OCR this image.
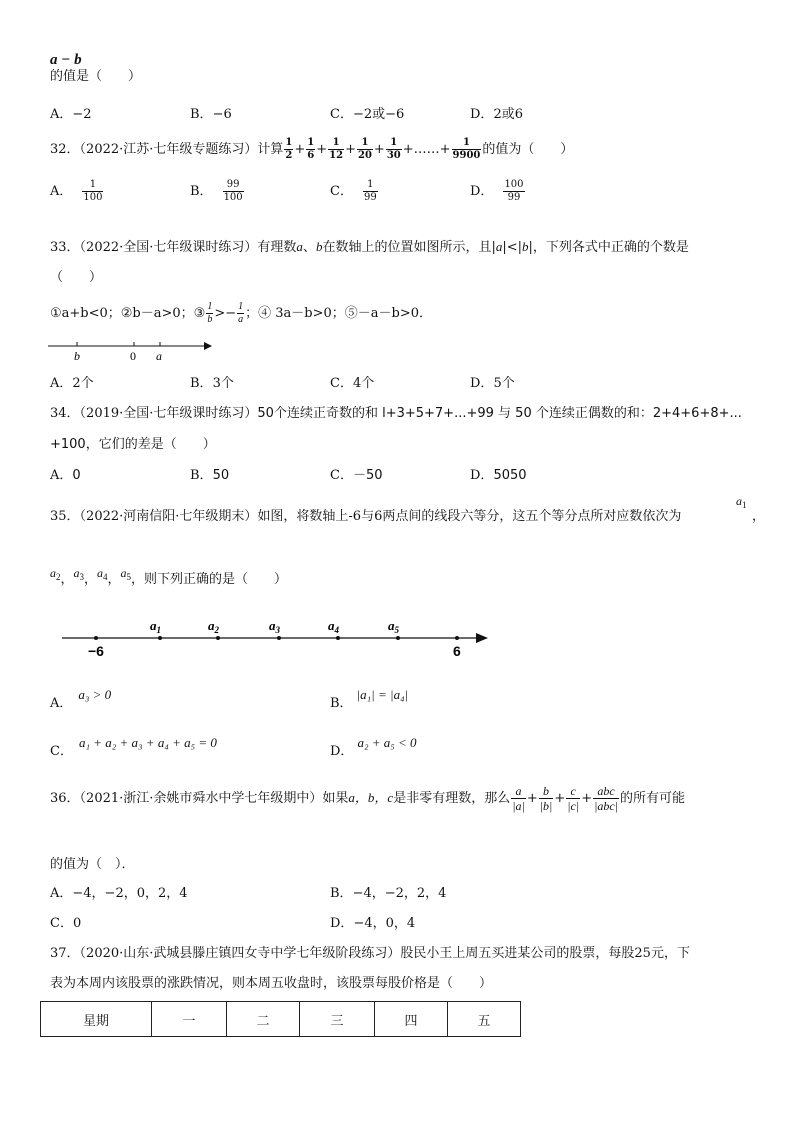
a − b
的值是（　　）
A．−2	B．−6	C．−2或−6	D．2或6
32．（2022·江苏·七年级专题练习）计算 $\frac{1}{2} + \frac{1}{6} + \frac{1}{12} + \frac{1}{20} + \frac{1}{30}$ +……+ $\frac{1}{9900}$ 的值为（　　）
A． $\frac{1}{100}$	B． $\frac{99}{100}$	C． $\frac{1}{99}$	D． $\frac{100}{99}$
33．（2022·全国·七年级课时练习）有理数a、b在数轴上的位置如图所示，且|a|<|b|，下列各式中正确的个数是
（　　）
①a+b<0；②b－a>0；③ $\frac{1}{b} >- \frac{1}{a}$ ；④ 3a－b>0；⑤－a－b>0．
b	0 a
A．2个	B．3个	C．4个	D．5个
34．（2019·全国·七年级课时练习）50个连续正奇数的和 l+3+5+7+...+99 与 50 个连续正偶数的和：2+4+6+8+...
+100，它们的差是（　　）
A．0	B．50	C．－50	D．5050
35．（2022·河南信阳·七年级期末）如图，将数轴上-6与6两点间的线段六等分，这五个等分点所对应数依次为
$a_1$
，
$a_2$，$a_3$，$a_4$，$a_5$，则下列正确的是（　　）
−6	6
$a_1$	$a_2$	$a_3$	$a_4$	$a_5$
A．a₃ > 0
B．|a₁| = |a₄|
C．a₁ + a₂ + a₃ + a₄ + a₅ = 0
D．a₂ + a₅ < 0
36．（2021·浙江·余姚市舜水中学七年级期中）如果a，b，c是非零有理数，那么 $\frac{a}{|a|} + \frac{b}{|b|} + \frac{c}{|c|} + \frac{\text{abc}}{\text{|abc|}}$ 的所有可能
的值为（　）．
A．−4，−2，0，2，4	B．−4，−2，2，4
C．0	D．−4，0，4
37．（2020·山东·武城县滕庄镇四女寺中学七年级阶段练习）股民小王上周五买进某公司的股票，每股25元，下
表为本周内该股票的涨跌情况，则本周五收盘时，该股票每股价格是（　　）
星期	一	二	三	四	五
